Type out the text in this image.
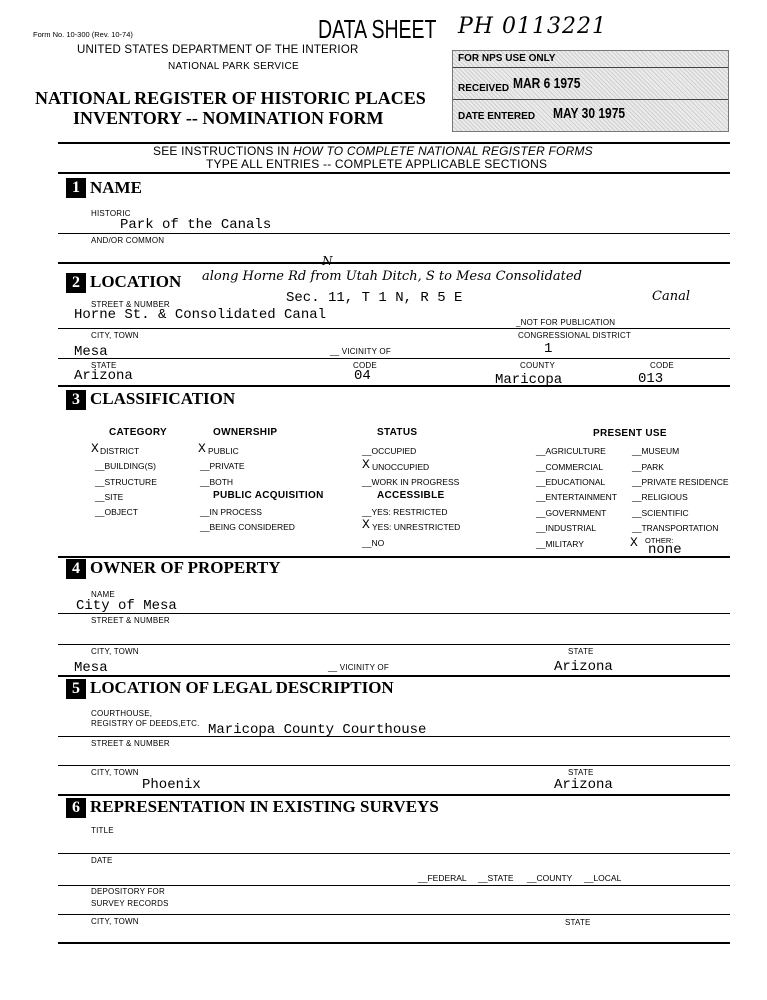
Form No. 10-300 (Rev. 10-74)	DATA SHEET PH 0113221
UNITED STATES DEPARTMENT OF THE INTERIOR
NATIONAL PARK SERVICE
NATIONAL REGISTER OF HISTORIC PLACES
INVENTORY -- NOMINATION FORM
FOR NPS USE ONLY
RECEIVED MAR 6 1975
DATE ENTERED MAY 30 1975
SEE INSTRUCTIONS IN HOW TO COMPLETE NATIONAL REGISTER FORMS
TYPE ALL ENTRIES -- COMPLETE APPLICABLE SECTIONS
1 NAME
HISTORIC
Park of the Canals
AND/OR COMMON
2 LOCATION along Horne Rd from Utah Ditch, S to Mesa Consolidated
Canal
N
STREET & NUMBER	Sec. 11, T 1 N, R 5 E
Horne St. & Consolidated Canal	_NOT FOR PUBLICATION
CITY, TOWN	CONGRESSIONAL DISTRICT
Mesa	__ VICINITY OF	1
STATE	CODE	COUNTY	CODE
Arizona	04	Maricopa	013
3 CLASSIFICATION
CATEGORY
X DISTRICT
__BUILDING(S)
__STRUCTURE
__SITE
__OBJECT
OWNERSHIP
X PUBLIC
__PRIVATE
__BOTH
PUBLIC ACQUISITION
__IN PROCESS
__BEING CONSIDERED
STATUS
__OCCUPIED
X UNOCCUPIED
__WORK IN PROGRESS
ACCESSIBLE
__YES: RESTRICTED
X YES: UNRESTRICTED
__NO
PRESENT USE
__AGRICULTURE
__COMMERCIAL
__EDUCATIONAL
__ENTERTAINMENT
__GOVERNMENT
__INDUSTRIAL
__MILITARY
__MUSEUM
__PARK
__PRIVATE RESIDENCE
__RELIGIOUS
__SCIENTIFIC
__TRANSPORTATION
X OTHER:
none
4 OWNER OF PROPERTY
NAME
City of Mesa
STREET & NUMBER
CITY, TOWN	STATE
Mesa	__ VICINITY OF	Arizona
5 LOCATION OF LEGAL DESCRIPTION
COURTHOUSE,
REGISTRY OF DEEDS,ETC. Maricopa County Courthouse
STREET & NUMBER
CITY, TOWN	STATE
Phoenix	Arizona
6 REPRESENTATION IN EXISTING SURVEYS
TITLE
DATE
__FEDERAL __STATE __COUNTY __LOCAL
DEPOSITORY FOR
SURVEY RECORDS
CITY, TOWN	STATE
